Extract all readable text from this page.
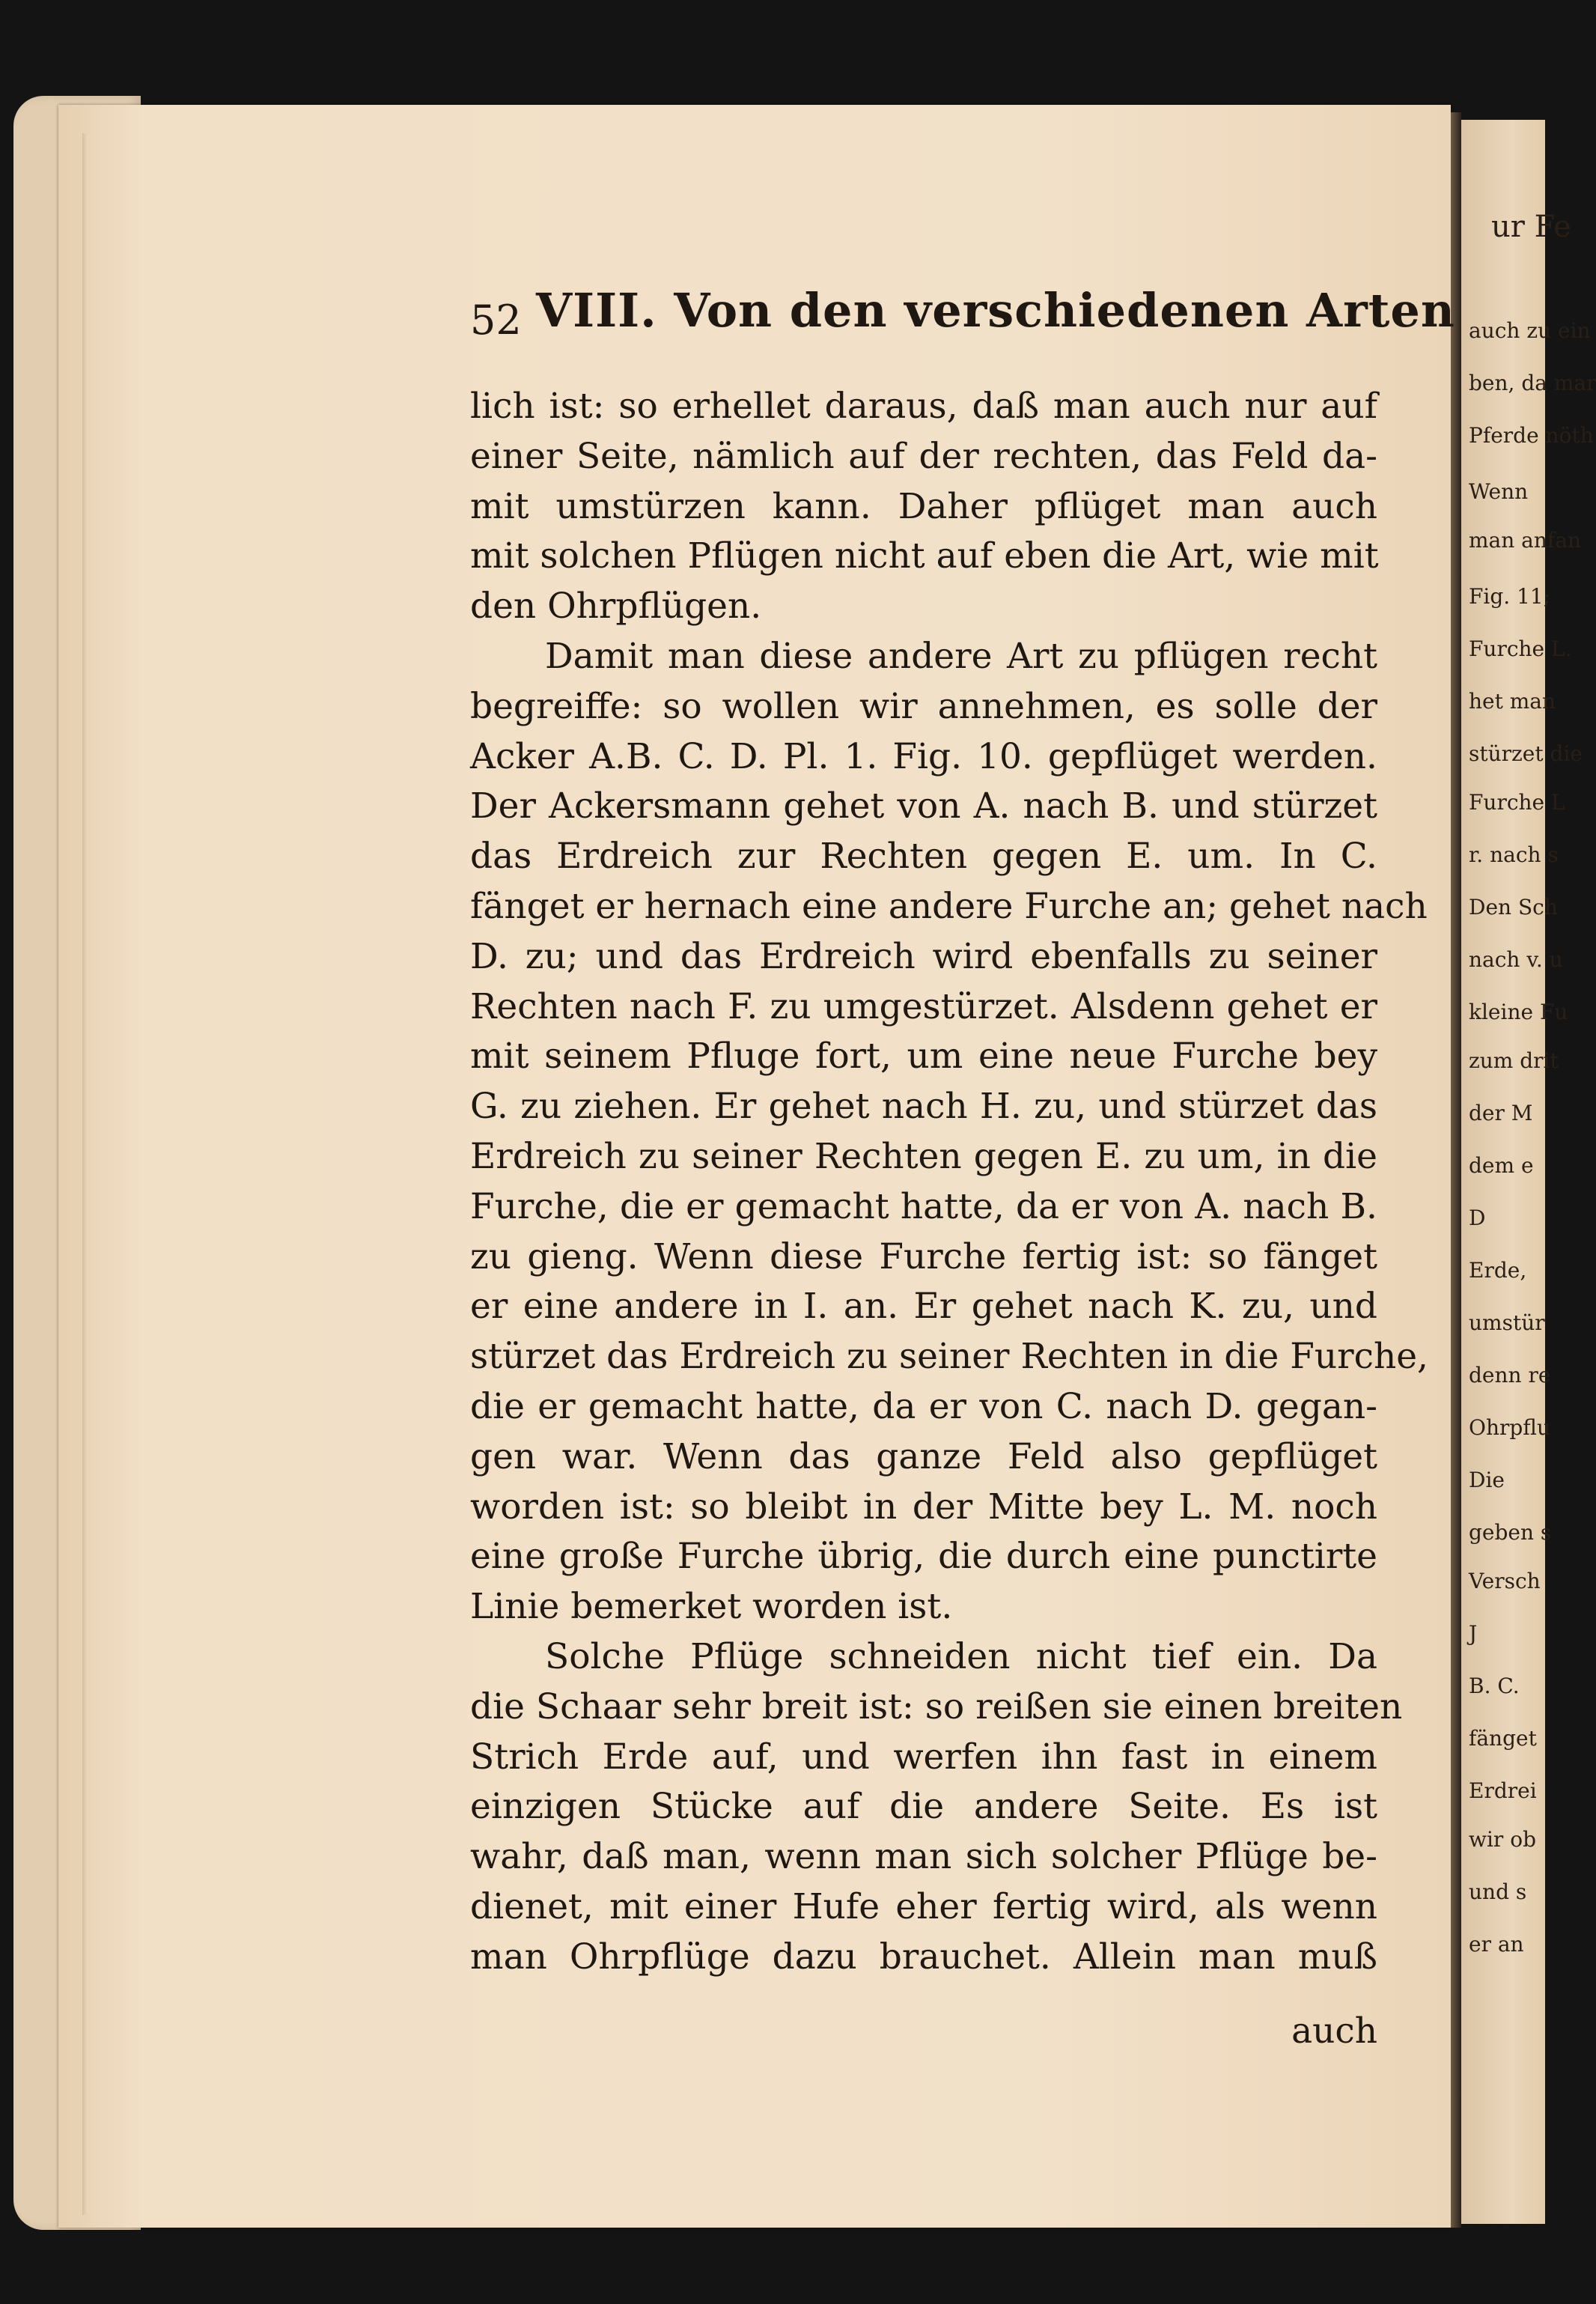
ur Fe
auch zu ein
ben, da mar
Pferde nöth
Wenn
man anfan
Fig. 11;
Furche L.
het man
stürzet die
Furche L
r. nach s
Den Sch
nach v. u
kleine Fu
zum drit
der M
dem e
D
Erde,
umstür
denn re
Ohrpflu
Die
geben s
Versch
J
B. C.
fänget
Erdrei
wir ob
und s
er an
52 VIII. Von den verschiedenen Arten
lich ist: so erhellet daraus, daß man auch nur auf
einer Seite, nämlich auf der rechten, das Feld da-
mit umstürzen kann. Daher pflüget man auch
mit solchen Pflügen nicht auf eben die Art, wie mit
den Ohrpflügen.
Damit man diese andere Art zu pflügen recht
begreiffe: so wollen wir annehmen, es solle der
Acker A.B. C. D. Pl. 1. Fig. 10. gepflüget werden.
Der Ackersmann gehet von A. nach B. und stürzet
das Erdreich zur Rechten gegen E. um. In C.
fänget er hernach eine andere Furche an; gehet nach
D. zu; und das Erdreich wird ebenfalls zu seiner
Rechten nach F. zu umgestürzet. Alsdenn gehet er
mit seinem Pfluge fort, um eine neue Furche bey
G. zu ziehen. Er gehet nach H. zu, und stürzet das
Erdreich zu seiner Rechten gegen E. zu um, in die
Furche, die er gemacht hatte, da er von A. nach B.
zu gieng. Wenn diese Furche fertig ist: so fänget
er eine andere in I. an. Er gehet nach K. zu, und
stürzet das Erdreich zu seiner Rechten in die Furche,
die er gemacht hatte, da er von C. nach D. gegan-
gen war. Wenn das ganze Feld also gepflüget
worden ist: so bleibt in der Mitte bey L. M. noch
eine große Furche übrig, die durch eine punctirte
Linie bemerket worden ist.
Solche Pflüge schneiden nicht tief ein. Da
die Schaar sehr breit ist: so reißen sie einen breiten
Strich Erde auf, und werfen ihn fast in einem
einzigen Stücke auf die andere Seite. Es ist
wahr, daß man, wenn man sich solcher Pflüge be-
dienet, mit einer Hufe eher fertig wird, als wenn
man Ohrpflüge dazu brauchet. Allein man muß
auch
